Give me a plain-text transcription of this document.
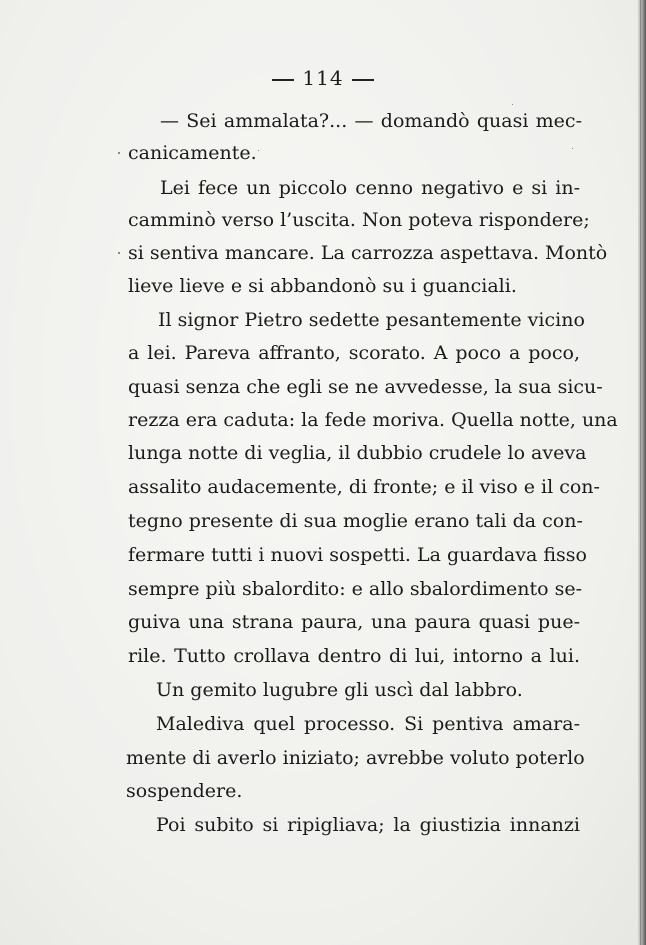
114
— Sei ammalata?... — domandò quasi mec-
canicamente.
Lei fece un piccolo cenno negativo e si in-
camminò verso l’uscita. Non poteva rispondere;
si sentiva mancare. La carrozza aspettava. Montò
lieve lieve e si abbandonò su i guanciali.
Il signor Pietro sedette pesantemente vicino
a lei. Pareva affranto, scorato. A poco a poco,
quasi senza che egli se ne avvedesse, la sua sicu-
rezza era caduta: la fede moriva. Quella notte, una
lunga notte di veglia, il dubbio crudele lo aveva
assalito audacemente, di fronte; e il viso e il con-
tegno presente di sua moglie erano tali da con-
fermare tutti i nuovi sospetti. La guardava fisso
sempre più sbalordito: e allo sbalordimento se-
guiva una strana paura, una paura quasi pue-
rile. Tutto crollava dentro di lui, intorno a lui.
Un gemito lugubre gli uscì dal labbro.
Malediva quel processo. Si pentiva amara-
mente di averlo iniziato; avrebbe voluto poterlo
sospendere.
Poi subito si ripigliava; la giustizia innanzi
